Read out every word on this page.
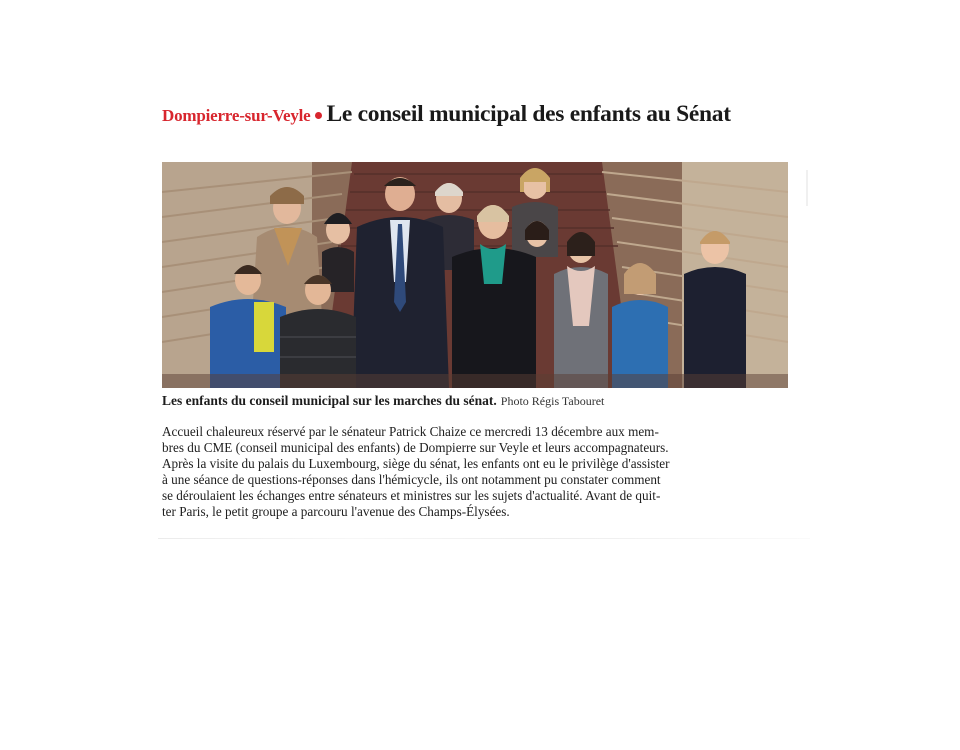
Dompierre-sur-Veyle Le conseil municipal des enfants au Sénat
Les enfants du conseil municipal sur les marches du sénat. Photo Régis Tabouret
Accueil chaleureux réservé par le sénateur Patrick Chaize ce mercredi 13 décembre aux mem-
bres du CME (conseil municipal des enfants) de Dompierre sur Veyle et leurs accompagnateurs.
Après la visite du palais du Luxembourg, siège du sénat, les enfants ont eu le privilège d'assister
à une séance de questions-réponses dans l'hémicycle, ils ont notamment pu constater comment
se déroulaient les échanges entre sénateurs et ministres sur les sujets d'actualité. Avant de quit-
ter Paris, le petit groupe a parcouru l'avenue des Champs-Élysées.
